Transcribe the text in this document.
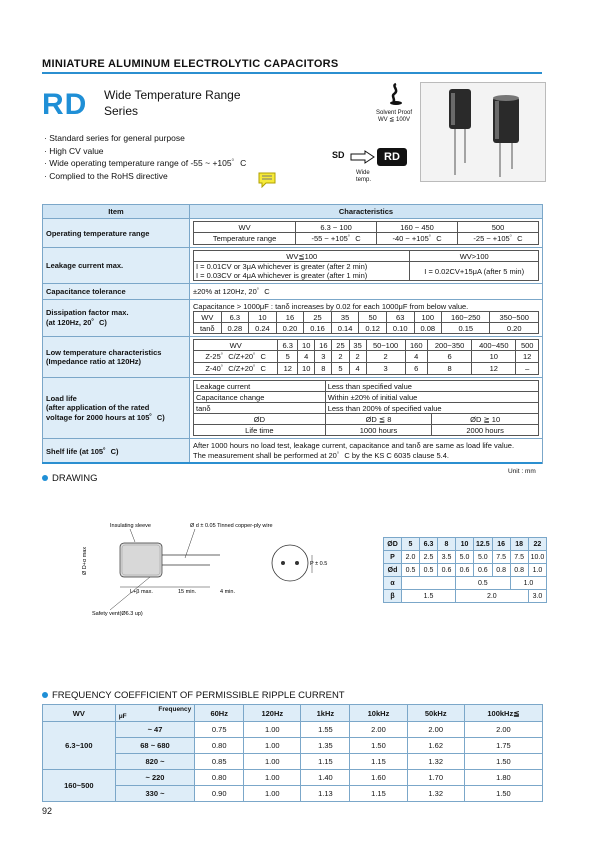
MINIATURE ALUMINUM ELECTROLYTIC CAPACITORS
RD Wide Temperature Range
Series
· Standard series for general purpose
· High CV value
· Wide operating temperature range of -55 ~ +105゜C
· Complied to the RoHS directive
Solvent Proof
WV ≦ 100V
SD	RD
Wide
temp.
Item	Characteristics
Operating temperature range	
WV	6.3 ~ 100	160 ~ 450	500
Temperature range	-55 ~ +105゜C	-40 ~ +105゜C	-25 ~ +105゜C

Leakage current max.	
WV≦100	WV>100

I = 0.01CV or 3μA whichever is greater (after 2 min)
I = 0.03CV or 4μA whichever is greater (after 1 min)	I = 0.02CV+15μA (after 5 min)

Capacitance tolerance	±20% at 120Hz, 20゜C

Dissipation factor max.
(at 120Hz, 20゜C)

Capacitance > 1000μF : tanδ increases by 0.02 for each 1000μF from below value.
WV	6.3	10	16	25	35	50	63	100	160~250	350~500
tanδ	0.28	0.24	0.20	0.16	0.14	0.12	0.10	0.08	0.15	0.20

Low temperature characteristics
(Impedance ratio at 120Hz)

WV	6.3	10	16	25	35	50~100	160	200~350	400~450	500
Z-25゜C/Z+20゜C	5	4	3	2	2	2	4	6	10	12
Z-40゜C/Z+20゜C	12	10	8	5	4	3	6	8	12	–

Load life
(after application of the rated
voltage for 2000 hours at 105゜C)

Leakage current	Less than specified value
Capacitance change	Within ±20% of initial value
tanδ	Less than 200% of specified value
ØD	ØD ≦ 8	ØD ≧ 10
Life time	1000 hours	2000 hours

Shelf life (at 105゜C)	
After 1000 hours no load test, leakage current, capacitance and tanδ are same as load life value.
The measurement shall be performed at 20゜C by the KS C 6035 clause 5.4.
Unit : mm
DRAWING
Insulating sleeve	Ø d ± 0.05 Tinned copper-ply wire
Ø D+α max
L+β max.	15 min.	4 min.
Safety vent(Ø6.3 up)
P ± 0.5
ØD	5	6.3	8	10	12.5	16	18	22
P	2.0	2.5	3.5	5.0	5.0	7.5	7.5	10.0
Ød	0.5	0.5	0.6	0.6	0.6	0.8	0.8	1.0
α				0.5			1.0	
β	1.5			2.0				3.0
FREQUENCY COEFFICIENT OF PERMISSIBLE RIPPLE CURRENT
WV	Frequency
μF	60Hz	120Hz	1kHz	10kHz	50kHz	100kHz≦
6.3~100	~ 47	0.75	1.00	1.55	2.00	2.00	2.00
	68 ~ 680	0.80	1.00	1.35	1.50	1.62	1.75
	820 ~	0.85	1.00	1.15	1.15	1.32	1.50
160~500	~ 220	0.80	1.00	1.40	1.60	1.70	1.80
	330 ~	0.90	1.00	1.13	1.15	1.32	1.50
92
